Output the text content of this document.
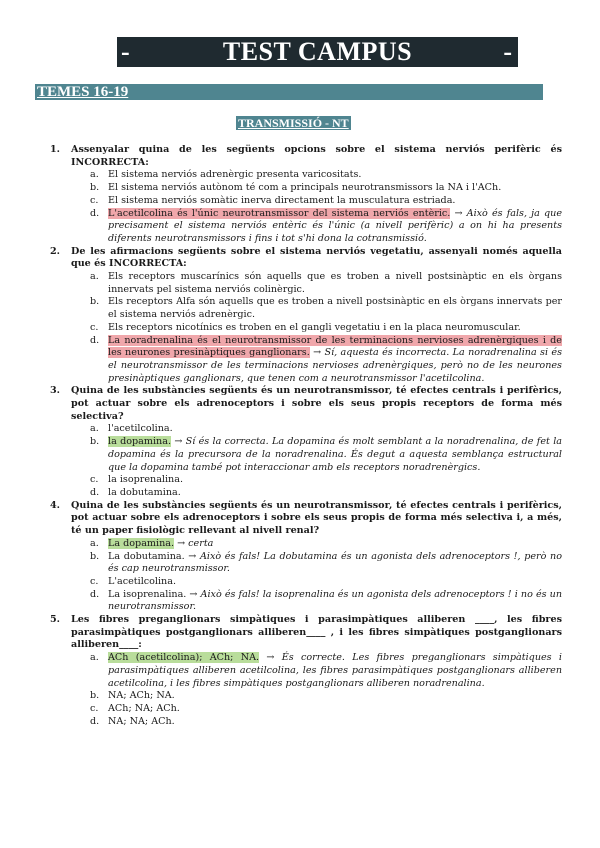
-	TEST CAMPUS	-
TEMES 16-19
TRANSMISSIÓ - NT
1. Assenyalar quina de les següents opcions sobre el sistema nerviós perifèric és INCORRECTA:
a. El sistema nerviós adrenèrgic presenta varicositats.
b. El sistema nerviós autònom té com a principals neurotransmissors la NA i l'ACh.
c. El sistema nerviós somàtic inerva directament la musculatura estriada.
d. L'acetilcolina és l'únic neurotransmissor del sistema nerviós entèric. → Això és fals, ja que precisament el sistema nerviós entèric és l'únic (a nivell perifèric) a on hi ha presents diferents neurotransmissors i fins i tot s'hi dona la cotransmissió.
2. De les afirmacions següents sobre el sistema nerviós vegetatiu, assenyali només aquella que és INCORRECTA:
a. Els receptors muscarínics són aquells que es troben a nivell postsinàptic en els òrgans innervats pel sistema nerviós colinèrgic.
b. Els receptors Alfa són aquells que es troben a nivell postsinàptic en els òrgans innervats per el sistema nerviós adrenèrgic.
c. Els receptors nicotínics es troben en el gangli vegetatiu i en la placa neuromuscular.
d. La noradrenalina és el neurotransmissor de les terminacions nervioses adrenèrgiques i de les neurones presinàptiques ganglionars. → Sí, aquesta és incorrecta. La noradrenalina si és el neurotransmissor de les terminacions nervioses adrenèrgiques, però no de les neurones presinàptiques ganglionars, que tenen com a neurotransmissor l'acetilcolina.
3. Quina de les substàncies següents és un neurotransmissor, té efectes centrals i perifèrics, pot actuar sobre els adrenoceptors i sobre els seus propis receptors de forma més selectiva?
a. l'acetilcolina.
b. la dopamina. → Sí és la correcta. La dopamina és molt semblant a la noradrenalina, de fet la dopamina és la precursora de la noradrenalina. És degut a aquesta semblança estructural que la dopamina també pot interaccionar amb els receptors noradrenèrgics.
c. la isoprenalina.
d. la dobutamina.
4. Quina de les substàncies següents és un neurotransmissor, té efectes centrals i perifèrics, pot actuar sobre els adrenoceptors i sobre els seus propis de forma més selectiva i, a més, té un paper fisiològic rellevant al nivell renal?
a. La dopamina. → certa
b. La dobutamina. → Això és fals! La dobutamina és un agonista dels adrenoceptors !, però no és cap neurotransmissor.
c. L'acetilcolina.
d. La isoprenalina. → Això és fals! la isoprenalina és un agonista dels adrenoceptors ! i no és un neurotransmissor.
5. Les fibres preganglionars simpàtiques i parasimpàtiques alliberen ____, les fibres parasimpàtiques postganglionars alliberen____ , i les fibres simpàtiques postganglionars alliberen____:
a. ACh (acetilcolina); ACh; NA. → És correcte. Les fibres preganglionars simpàtiques i parasimpàtiques alliberen acetilcolina, les fibres parasimpàtiques postganglionars alliberen acetilcolina, i les fibres simpàtiques postganglionars alliberen noradrenalina.
b. NA; ACh; NA.
c. ACh; NA; ACh.
d. NA; NA; ACh.
